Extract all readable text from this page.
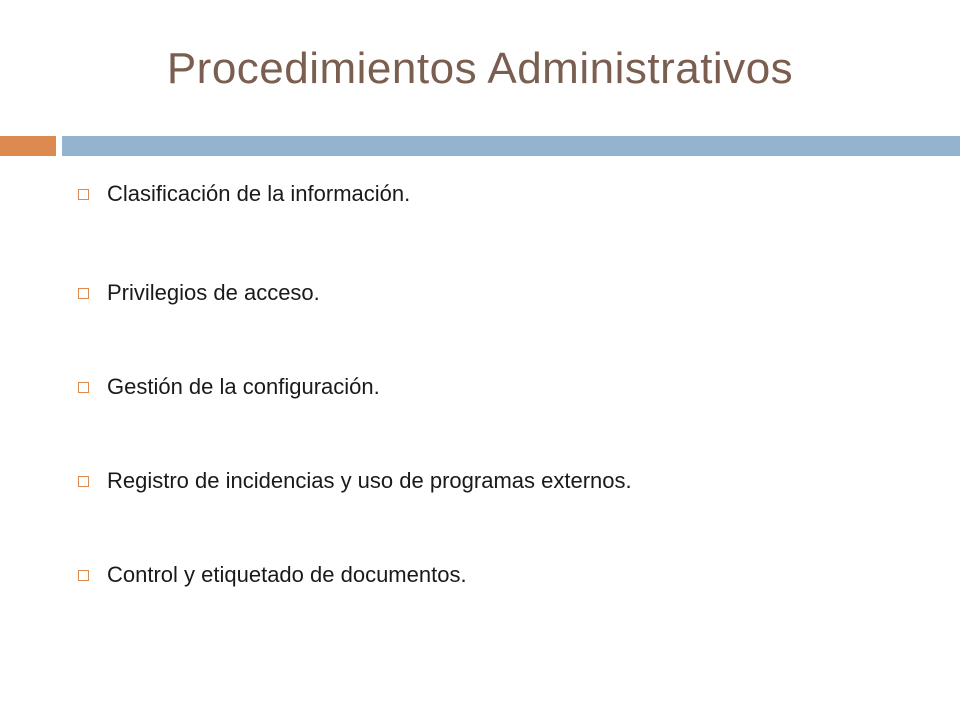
Procedimientos Administrativos
Clasificación de la información.
Privilegios de acceso.
Gestión de la configuración.
Registro de incidencias y uso de programas externos.
Control y etiquetado de documentos.
